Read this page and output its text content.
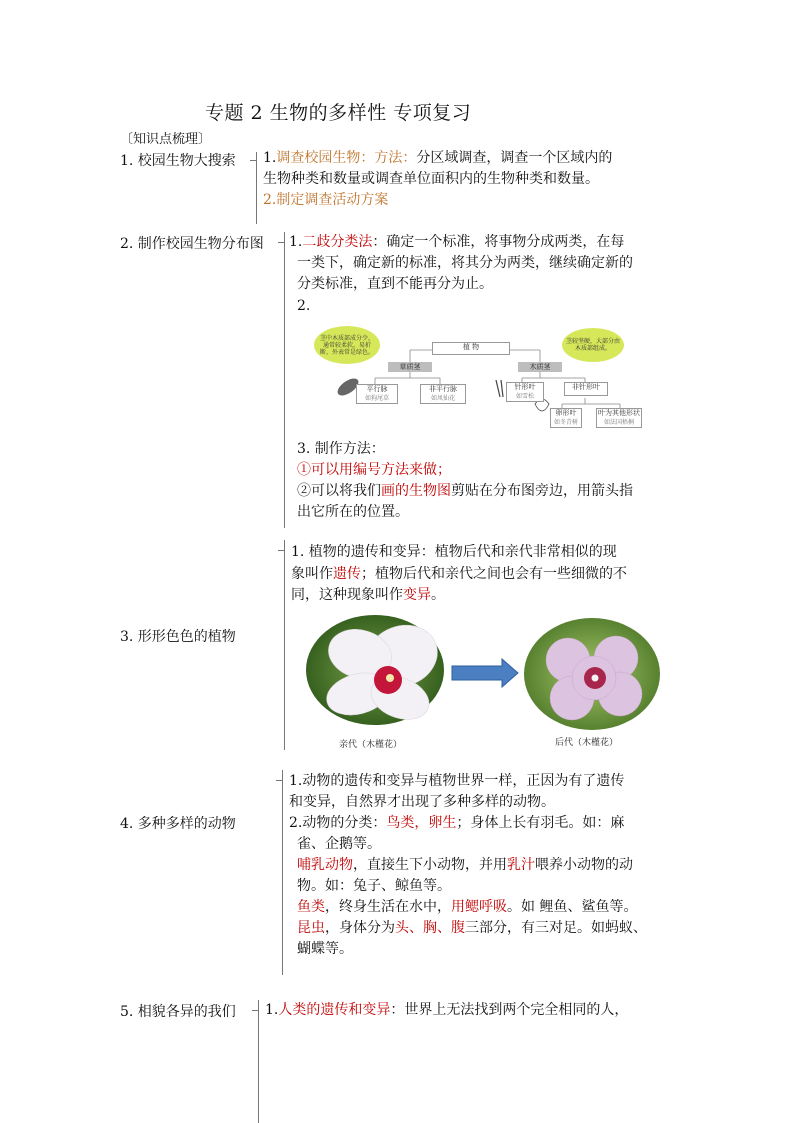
专题 2 生物的多样性 专项复习
〔知识点梳理〕
1. 校园生物大搜索 1.调查校园生物：方法：分区域调查，调查一个区域内的
生物种类和数量或调查单位面积内的生物种类和数量。
2.制定调查活动方案
2. 制作校园生物分布图 1.二歧分类法：确定一个标准，将事物分成两类，在每
一类下，确定新的标准，将其分为两类，继续确定新的
分类标准，直到不能再分为止。
2.
茎中木质部成分少，通常较柔软，易折断、外表常是绿色。
茎较坚硬，大部分由木质部组成。
植 物
草质茎	木质茎
平行脉
如狗尾草
非平行脉
如凤仙花
针形叶
如雪松
非针形叶
卵形叶
如冬青树
叶为其他形状
如法国梧桐
3. 制作方法：
①可以用编号方法来做；
②可以将我们画的生物图剪贴在分布图旁边，用箭头指
出它所在的位置。
3. 形形色色的植物
1. 植物的遗传和变异：植物后代和亲代非常相似的现
象叫作遗传；植物后代和亲代之间也会有一些细微的不
同，这种现象叫作变异。
亲代（木槿花）	后代（木槿花）
4. 多种多样的动物
1.动物的遗传和变异与植物世界一样，正因为有了遗传
和变异，自然界才出现了多种多样的动物。
2.动物的分类：鸟类，卵生；身体上长有羽毛。如：麻
雀、企鹅等。
哺乳动物，直接生下小动物，并用乳汁喂养小动物的动
物。如：兔子、鲸鱼等。
鱼类，终身生活在水中，用鳃呼吸。如 鲤鱼、鲨鱼等。
昆虫，身体分为头、胸、腹三部分，有三对足。如蚂蚁、
蝴蝶等。
5. 相貌各异的我们 1.人类的遗传和变异：世界上无法找到两个完全相同的人，
